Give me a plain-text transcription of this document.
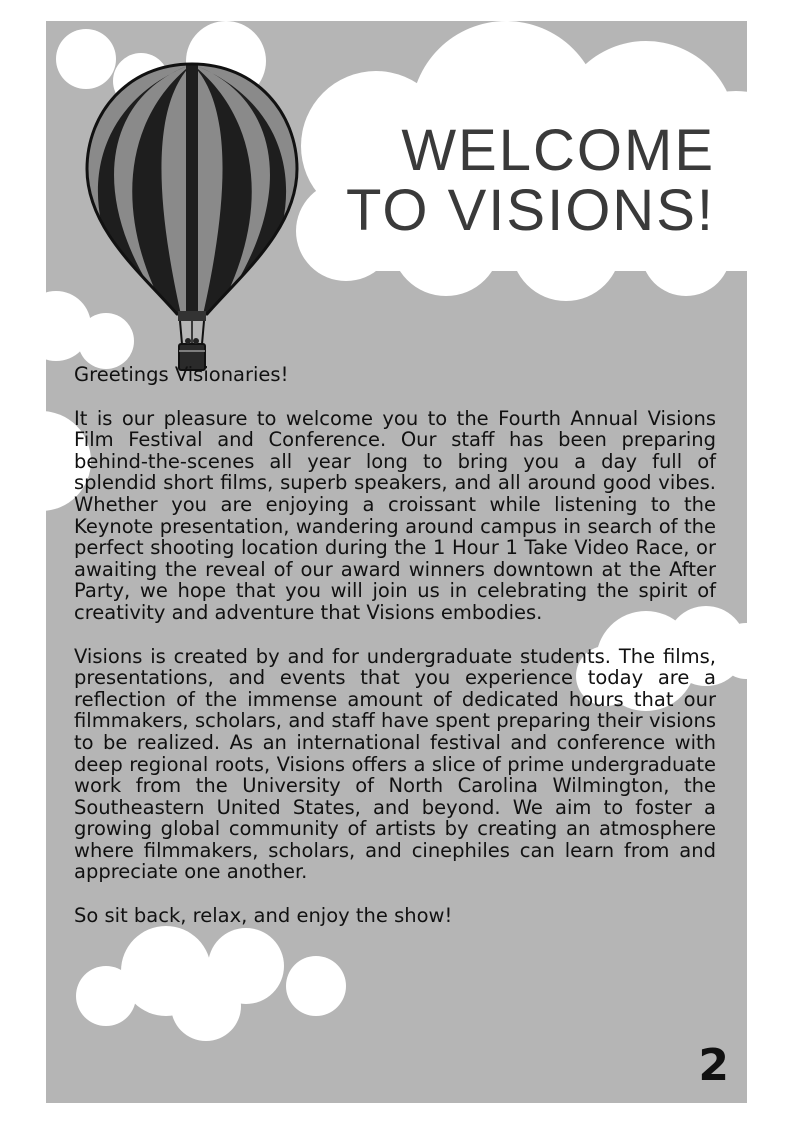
WELCOME
TO VISIONS!

Greetings Visionaries!

It is our pleasure to welcome you to the Fourth Annual Visions Film Festival and Conference. Our staff has been preparing behind-the-scenes all year long to bring you a day full of splendid short films, superb speakers, and all around good vibes. Whether you are enjoying a croissant while listening to the Keynote presentation, wandering around campus in search of the perfect shooting location during the 1 Hour 1 Take Video Race, or awaiting the reveal of our award winners downtown at the After Party, we hope that you will join us in celebrating the spirit of creativity and adventure that Visions embodies.

Visions is created by and for undergraduate students. The films, presentations, and events that you experience today are a reflection of the immense amount of dedicated hours that our filmmakers, scholars, and staff have spent preparing their visions to be realized. As an international festival and conference with deep regional roots, Visions offers a slice of prime undergraduate work from the University of North Carolina Wilmington, the Southeastern United States, and beyond. We aim to foster a growing global community of artists by creating an atmosphere where filmmakers, scholars, and cinephiles can learn from and appreciate one another.

So sit back, relax, and enjoy the show!

2
